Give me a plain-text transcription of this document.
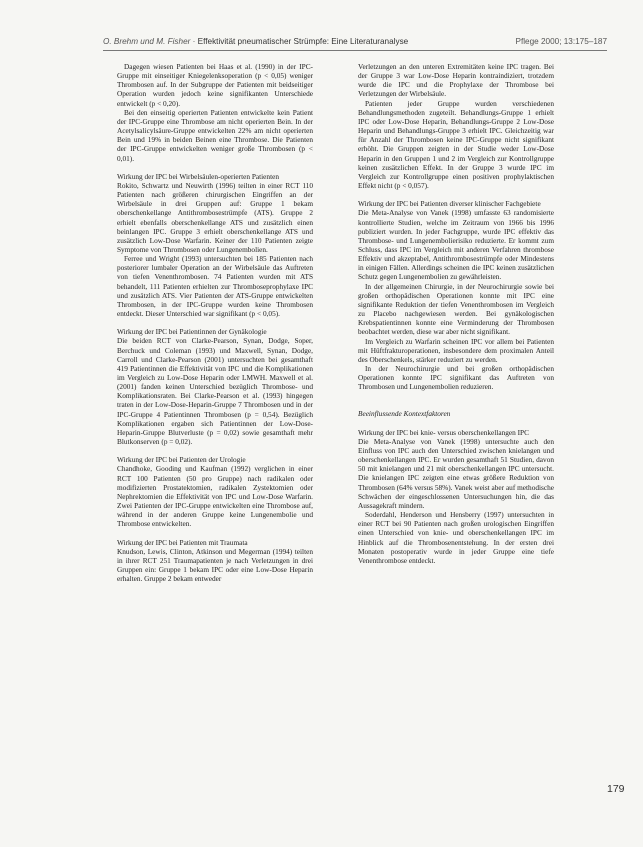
O. Brehm und M. Fisher · Effektivität pneumatischer Strümpfe: Eine Literaturanalyse	Pflege 2000; 13:175–187

Dagegen wiesen Patienten bei Haas et al. (1990) in der IPC-Gruppe mit einseitiger Kniegelenksoperation (p < 0,05) weniger Thrombosen auf. In der Subgruppe der Patienten mit beidseitiger Operation wurden jedoch keine signifikanten Unterschiede entwickelt (p < 0,20).

Bei den einseitig operierten Patienten entwickelte kein Patient der IPC-Gruppe eine Thrombose am nicht operierten Bein. In der Acetylsalicylsäure-Gruppe entwickelten 22% am nicht operierten Bein und 19% in beiden Beinen eine Thrombose. Die Patienten der IPC-Gruppe entwickelten weniger große Thrombosen (p < 0,01).

Wirkung der IPC bei Wirbelsäulen-operierten Patienten

Rokito, Schwartz und Neuwirth (1996) teilten in einer RCT 110 Patienten nach größeren chirurgischen Eingriffen an der Wirbelsäule in drei Gruppen auf: Gruppe 1 bekam oberschenkellange Antithrombosestrümpfe (ATS). Gruppe 2 erhielt ebenfalls oberschenkellange ATS und zusätzlich einen beinlangen IPC. Gruppe 3 erhielt oberschenkellange ATS und zusätzlich Low-Dose Warfarin. Keiner der 110 Patienten zeigte Symptome von Thrombosen oder Lungenembolien.

Ferree und Wright (1993) untersuchten bei 185 Patienten nach posteriorer lumbaler Operation an der Wirbelsäule das Auftreten von tiefen Venenthrombosen. 74 Patienten wurden mit ATS behandelt, 111 Patienten erhielten zur Thromboseprophylaxe IPC und zusätzlich ATS. Vier Patienten der ATS-Gruppe entwickelten Thrombosen, in der IPC-Gruppe wurden keine Thrombosen entdeckt. Dieser Unterschied war signifikant (p < 0,05).

Wirkung der IPC bei Patientinnen der Gynäkologie

Die beiden RCT von Clarke-Pearson, Synan, Dodge, Soper, Berchuck und Coleman (1993) und Maxwell, Synan, Dodge, Carroll und Clarke-Pearson (2001) untersuchten bei gesamthaft 419 Patientinnen die Effektivität von IPC und die Komplikationen im Vergleich zu Low-Dose Heparin oder LMWH. Maxwell et al. (2001) fanden keinen Unterschied bezüglich Thrombose- und Komplikationsraten. Bei Clarke-Pearson et al. (1993) hingegen traten in der Low-Dose-Heparin-Gruppe 7 Thrombosen und in der IPC-Gruppe 4 Patientinnen Thrombosen (p = 0,54). Bezüglich Komplikationen ergaben sich Patientinnen der Low-Dose-Heparin-Gruppe Blutverluste (p = 0,02) sowie gesamthaft mehr Blutkonserven (p = 0,02).

Wirkung der IPC bei Patienten der Urologie

Chandhoke, Gooding und Kaufman (1992) verglichen in einer RCT 100 Patienten (50 pro Gruppe) nach radikalen oder modifizierten Prostatektomien, radikalen Zystektomien oder Nephrektomien die Effektivität von IPC und Low-Dose Warfarin. Zwei Patienten der IPC-Gruppe entwickelten eine Thrombose auf, während in der anderen Gruppe keine Lungenembolie und Thrombose entwickelten.

Wirkung der IPC bei Patienten mit Traumata

Knudson, Lewis, Clinton, Atkinson und Megerman (1994) teilten in ihrer RCT 251 Traumapatienten je nach Verletzungen in drei Gruppen ein: Gruppe 1 bekam IPC oder eine Low-Dose Heparin erhalten. Gruppe 2 bekam entweder

Verletzungen an den unteren Extremitäten keine IPC tragen. Bei der Gruppe 3 war Low-Dose Heparin kontraindiziert, trotzdem wurde die IPC und die Prophylaxe der Thrombose bei Verletzungen der Wirbelsäule.

Patienten jeder Gruppe wurden verschiedenen Behandlungsmethoden zugeteilt. Behandlungs-Gruppe 1 erhielt IPC oder Low-Dose Heparin, Behandlungs-Gruppe 2 Low-Dose Heparin und Behandlungs-Gruppe 3 erhielt IPC. Gleichzeitig war für Anzahl der Thrombosen keine IPC-Gruppe nicht signifikant erhöht. Die Gruppen zeigten in der Studie weder Low-Dose Heparin in den Gruppen 1 und 2 im Vergleich zur Kontrollgruppe keinen zusätzlichen Effekt. In der Gruppe 3 wurde IPC im Vergleich zur Kontrollgruppe einen positiven prophylaktischen Effekt nicht (p < 0,057).

Wirkung der IPC bei Patienten diverser klinischer Fachgebiete

Die Meta-Analyse von Vanek (1998) umfasste 63 randomisierte kontrollierte Studien, welche im Zeitraum von 1966 bis 1996 publiziert wurden. In jeder Fachgruppe, wurde IPC effektiv das Thrombose- und Lungenembolierisiko reduzierte. Er kommt zum Schluss, dass IPC im Vergleich mit anderen Verfahren thrombose Effektiv und akzeptabel, Antithrombosestrümpfe oder Mindestens in einigen Fällen. Allerdings scheinen die IPC keinen zusätzlichen Schutz gegen Lungenembolien zu gewährleisten.

In der allgemeinen Chirurgie, in der Neurochirurgie sowie bei großen orthopädischen Operationen konnte mit IPC eine signifikante Reduktion der tiefen Venenthrombosen im Vergleich zu Placebo nachgewiesen werden. Bei gynäkologischen Krebspatientinnen konnte eine Verminderung der Thrombosen beobachtet werden, diese war aber nicht signifikant.

Im Vergleich zu Warfarin scheinen IPC vor allem bei Patienten mit Hüftfrakturoperationen, insbesondere dem proximalen Anteil des Oberschenkels, stärker reduziert zu werden.

In der Neurochirurgie und bei großen orthopädischen Operationen konnte IPC signifikant das Auftreten von Thrombosen und Lungenembolien reduzieren.

Beeinflussende Kontextfaktoren

Wirkung der IPC bei knie- versus oberschenkellangen IPC

Die Meta-Analyse von Vanek (1998) untersuchte auch den Einfluss von IPC auch den Unterschied zwischen knielangen und oberschenkellangen IPC. Er wurden gesamthaft 51 Studien, davon 50 mit knielangen und 21 mit oberschenkellangen IPC untersucht. Die knielangen IPC zeigten eine etwas größere Reduktion von Thrombosen (64% versus 58%). Vanek weist aber auf methodische Schwächen der eingeschlossenen Untersuchungen hin, die das Aussagekraft mindern.

Soderdahl, Henderson und Hensberry (1997) untersuchten in einer RCT bei 90 Patienten nach großen urologischen Eingriffen einen Unterschied von knie- und oberschenkellangen IPC im Hinblick auf die Thrombosenentstehung. In der ersten drei Monaten postoperativ wurde in jeder Gruppe eine tiefe Venenthrombose entdeckt.

179
